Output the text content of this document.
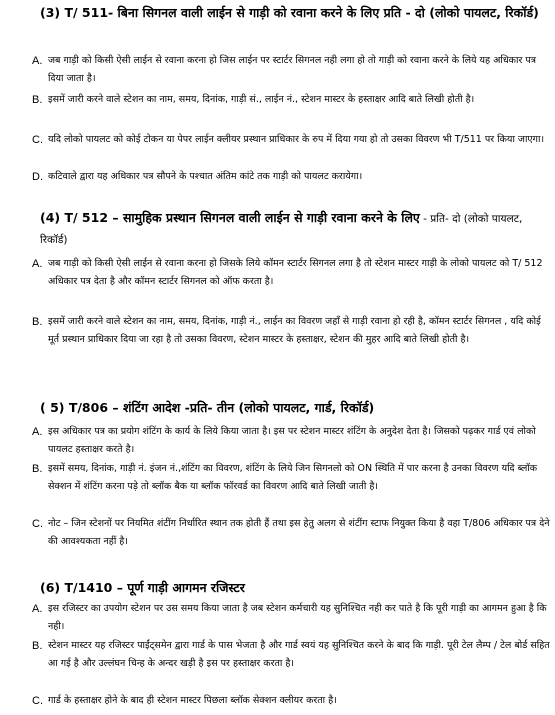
(3) T/ 511- बिना सिगनल वाली लाईन से गाड़ी को रवाना करने के लिए प्रति - दो (लोको पायलट, रिकॉर्ड)
A. जब गाड़ी को किसी ऐसी लाईन से रवाना करना हो जिस लाईन पर स्टार्टर सिगनल नही लगा हो तो गाड़ी को रवाना करने के लिये यह अधिकार पत्र दिया जाता है।
B. इसमें जारी करने वाले स्टेशन का नाम, समय, दिनांक, गाड़ी सं., लाईन नं., स्टेशन मास्टर के हस्ताक्षर आदि बाते लिखी होती है।
C. यदि लोको पायलट को कोई टोकन या पेपर लाईन क्लीयर प्रस्थान प्राधिकार के रुप में दिया गया हो तो उसका विवरण भी T/511 पर किया जाएगा।
D. कटिवाले द्वारा यह अधिकार पत्र सौपने के पश्चात अंतिम कांटे तक गाड़ी को पायलट करायेगा।
(4) T/ 512 – सामुहिक प्रस्थान सिगनल वाली लाईन से गाड़ी रवाना करने के लिए - प्रति- दो (लोको पायलट, रिकॉर्ड)
A. जब गाड़ी को किसी ऐसी लाईन से रवाना करना हो जिसके लिये कॉमन स्टार्टर सिगनल लगा है तो स्टेशन मास्टर गाड़ी के लोको पायलट को T/ 512 अधिकार पत्र देता है और कॉमन स्टार्टर सिगनल को ऑफ करता है।
B. इसमें जारी करने वाले स्टेशन का नाम, समय, दिनांक, गाड़ी नं., लाईन का विवरण जहाँ से गाड़ी रवाना हो रही है, कॉमन स्टार्टर सिगनल , यदि कोई मूर्त प्रस्थान प्राधिकार दिया जा रहा है तो उसका विवरण, स्टेशन मास्टर के हस्ताक्षर, स्टेशन की मुहर आदि बाते लिखी होती है।
( 5) T/806 – शंटिंग आदेश -प्रति- तीन (लोको पायलट, गार्ड, रिकॉर्ड)
A. इस अधिकार पत्र का प्रयोग शंटिंग के कार्य के लिये किया जाता है। इस पर स्टेशन मास्टर शंटिंग के अनुदेश देता है। जिसको पढ़कर गार्ड एवं लोको पायलट हस्ताक्षर करते है।
B. इसमें समय, दिनांक, गाड़ी नं. इंजन नं.,शंटिंग का विवरण, शंटिंग के लिये जिन सिगनलो को ON स्थिति में पार करना है उनका विवरण यदि ब्लॉक सेक्शन में शंटिंग करना पड़े तो ब्लॉक बैक या ब्लॉक फॉरवर्ड का विवरण आदि बाते लिखी जाती है।
C. नोट – जिन स्टेशनों पर नियमित शंटींग निर्धारित स्थान तक होती हैं तथा इस हेतु अलग से शंटींग स्टाफ नियुक्त किया है वहा T/806 अधिकार पत्र देने की आवश्यकता नहीं है।
(6) T/1410 – पूर्ण गाड़ी आगमन रजिस्टर
A. इस रजिस्टर का उपयोग स्टेशन पर उस समय किया जाता है जब स्टेशन कर्मचारी यह सुनिश्चित नही कर पाते है कि पूरी गाड़ी का आगमन हुआ है कि नही।
B. स्टेशन मास्टर यह रजिस्टर पाईंट्समेन द्वारा गार्ड के पास भेजता है और गार्ड स्वयं यह सुनिश्चित करने के बाद कि गाड़ी. पूरी टेल लैम्प / टेल बोर्ड सहित आ गई है और उल्लंघन चिन्ह के अन्दर खड़ी है इस पर हस्ताक्षर करता है।
C. गार्ड के हस्ताक्षर होने के बाद ही स्टेशन मास्टर पिछला ब्लॉक सेक्शन क्लीयर करता है।
